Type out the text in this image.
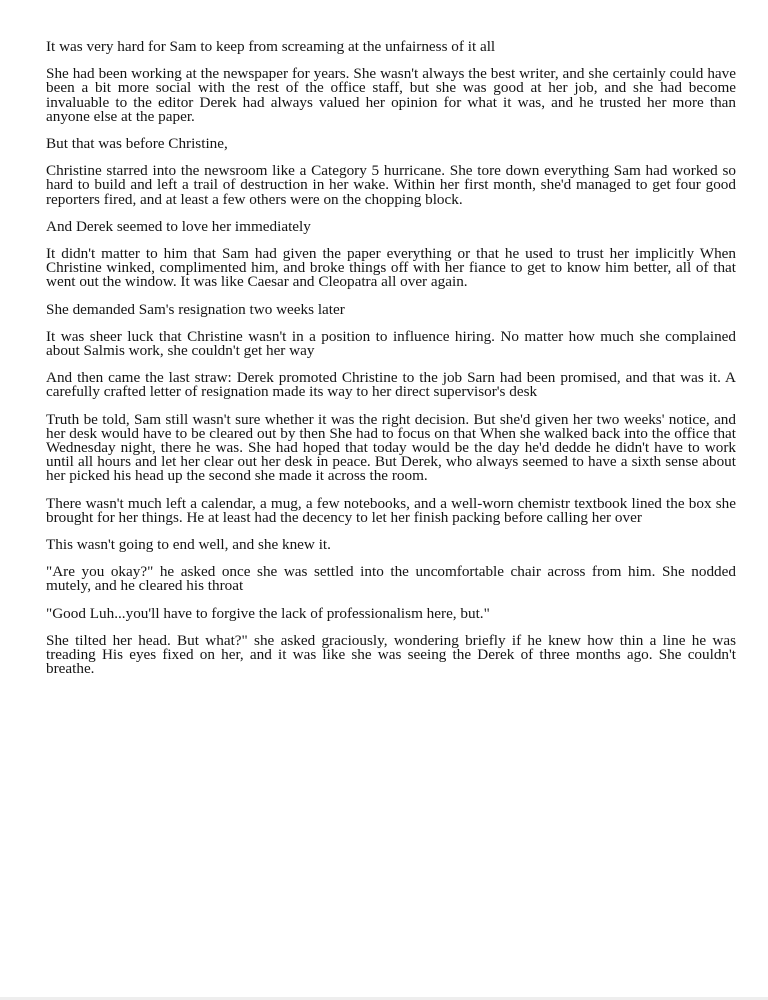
It was very hard for Sam to keep from screaming at the unfairness of it all

She had been working at the newspaper for years. She wasn't always the best writer, and she certainly could have been a bit more social with the rest of the office staff, but she was good at her job, and she had become invaluable to the editor Derek had always valued her opinion for what it was, and he trusted her more than anyone else at the paper.

But that was before Christine,

Christine starred into the newsroom like a Category 5 hurricane. She tore down everything Sam had worked so hard to build and left a trail of destruction in her wake. Within her first month, she'd managed to get four good reporters fired, and at least a few others were on the chopping block.

And Derek seemed to love her immediately

It didn't matter to him that Sam had given the paper everything or that he used to trust her implicitly When Christine winked, complimented him, and broke things off with her fiance to get to know him better, all of that went out the window. It was like Caesar and Cleopatra all over again.

She demanded Sam's resignation two weeks later

It was sheer luck that Christine wasn't in a position to influence hiring. No matter how much she complained about Salmis work, she couldn't get her way

And then came the last straw: Derek promoted Christine to the job Sarn had been promised, and that was it. A carefully crafted letter of resignation made its way to her direct supervisor's desk

Truth be told, Sam still wasn't sure whether it was the right decision. But she'd given her two weeks' notice, and her desk would have to be cleared out by then She had to focus on that When she walked back into the office that Wednesday night, there he was. She had hoped that today would be the day he'd dedde he didn't have to work until all hours and let her clear out her desk in peace. But Derek, who always seemed to have a sixth sense about her picked his head up the second she made it across the room.

There wasn't much left a calendar, a mug, a few notebooks, and a well-worn chemistr textbook lined the box she brought for her things. He at least had the decency to let her finish packing before calling her over

This wasn't going to end well, and she knew it.

"Are you okay?" he asked once she was settled into the uncomfortable chair across from him. She nodded mutely, and he cleared his throat

"Good Luh...you'll have to forgive the lack of professionalism here, but."

She tilted her head. But what?" she asked graciously, wondering briefly if he knew how thin a line he was treading His eyes fixed on her, and it was like she was seeing the Derek of three months ago. She couldn't breathe.
